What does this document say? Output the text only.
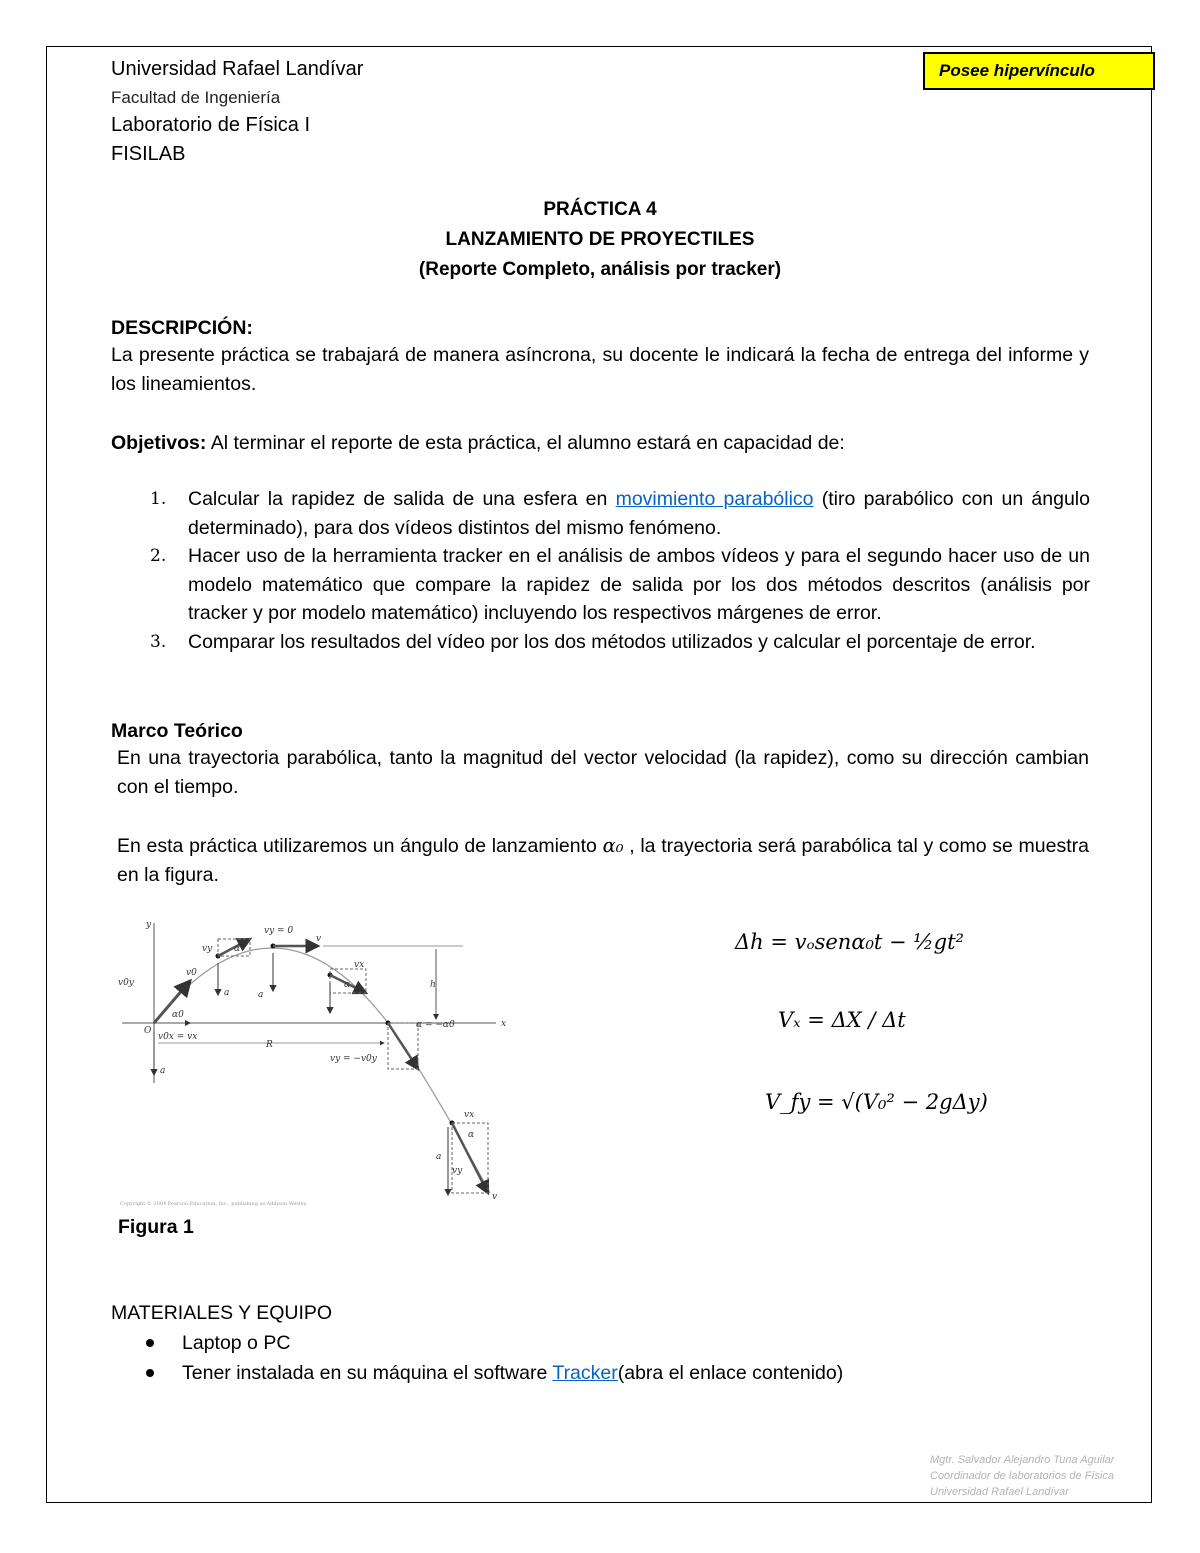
Universidad Rafael Landívar
Facultad de Ingeniería
Laboratorio de Física I
FISILAB
Posee hipervínculo
PRÁCTICA 4
LANZAMIENTO DE PROYECTILES
(Reporte Completo, análisis por tracker)
DESCRIPCIÓN:
La presente práctica se trabajará de manera asíncrona, su docente le indicará la fecha de entrega del informe y los lineamientos.
Objetivos: Al terminar el reporte de esta práctica, el alumno estará en capacidad de:
1. Calcular la rapidez de salida de una esfera en movimiento parabólico (tiro parabólico con un ángulo determinado), para dos vídeos distintos del mismo fenómeno.
2. Hacer uso de la herramienta tracker en el análisis de ambos vídeos y para el segundo hacer uso de un modelo matemático que compare la rapidez de salida por los dos métodos descritos (análisis por tracker y por modelo matemático) incluyendo los respectivos márgenes de error.
3. Comparar los resultados del vídeo por los dos métodos utilizados y calcular el porcentaje de error.
Marco Teórico
En una trayectoria parabólica, tanto la magnitud del vector velocidad (la rapidez), como su dirección cambian con el tiempo.
En esta práctica utilizaremos un ángulo de lanzamiento α₀ , la trayectoria será parabólica tal y como se muestra en la figura.
y
x
O
v0y
v0
α0
v0x = vx
a
a
α
vy
vy = 0
v
a
h
vx
α
R
vy = −v0y
α = −α0
vx
α
a
vy
v
Copyright © 2004 Pearson Education, Inc., publishing as Addison Wesley.
Figura 1
Δh = vₒsenα₀t − ½gt²
Vₓ = ΔX / Δt
V_fy = √(V₀² − 2gΔy)
MATERIALES Y EQUIPO
Laptop o PC
Tener instalada en su máquina el software Tracker(abra el enlace contenido)
Mgtr. Salvador Alejandro Tuna Aguilar
Coordinador de laboratorios de Física
Universidad Rafael Landívar
